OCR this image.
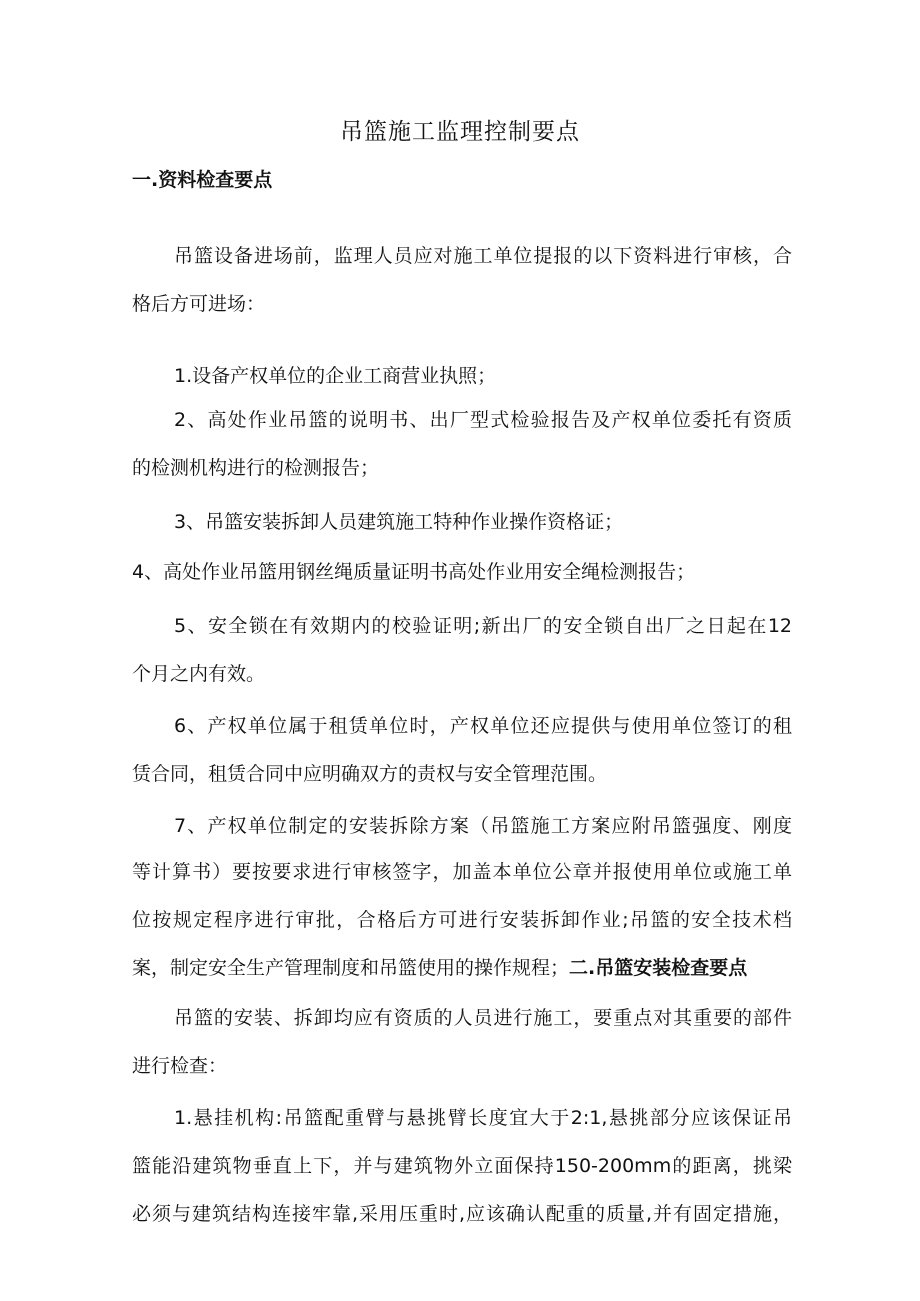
吊篮施工监理控制要点

一.资料检查要点

吊篮设备进场前，监理人员应对施工单位提报的以下资料进行审核，合

格后方可进场：

1.设备产权单位的企业工商营业执照；

2、高处作业吊篮的说明书、出厂型式检验报告及产权单位委托有资质

的检测机构进行的检测报告；

3、吊篮安装拆卸人员建筑施工特种作业操作资格证；

4、高处作业吊篮用钢丝绳质量证明书高处作业用安全绳检测报告；

5、安全锁在有效期内的校验证明;新出厂的安全锁自出厂之日起在12

个月之内有效。

6、产权单位属于租赁单位时，产权单位还应提供与使用单位签订的租

赁合同，租赁合同中应明确双方的责权与安全管理范围。

7、产权单位制定的安装拆除方案（吊篮施工方案应附吊篮强度、刚度

等计算书）要按要求进行审核签字，加盖本单位公章并报使用单位或施工单

位按规定程序进行审批，合格后方可进行安装拆卸作业;吊篮的安全技术档

案，制定安全生产管理制度和吊篮使用的操作规程；二.吊篮安装检查要点

吊篮的安装、拆卸均应有资质的人员进行施工，要重点对其重要的部件

进行检查：

1.悬挂机构:吊篮配重臂与悬挑臂长度宜大于2:1,悬挑部分应该保证吊

篮能沿建筑物垂直上下，并与建筑物外立面保持150-200mm的距离，挑梁

必须与建筑结构连接牢靠,采用压重时,应该确认配重的质量,并有固定措施，
